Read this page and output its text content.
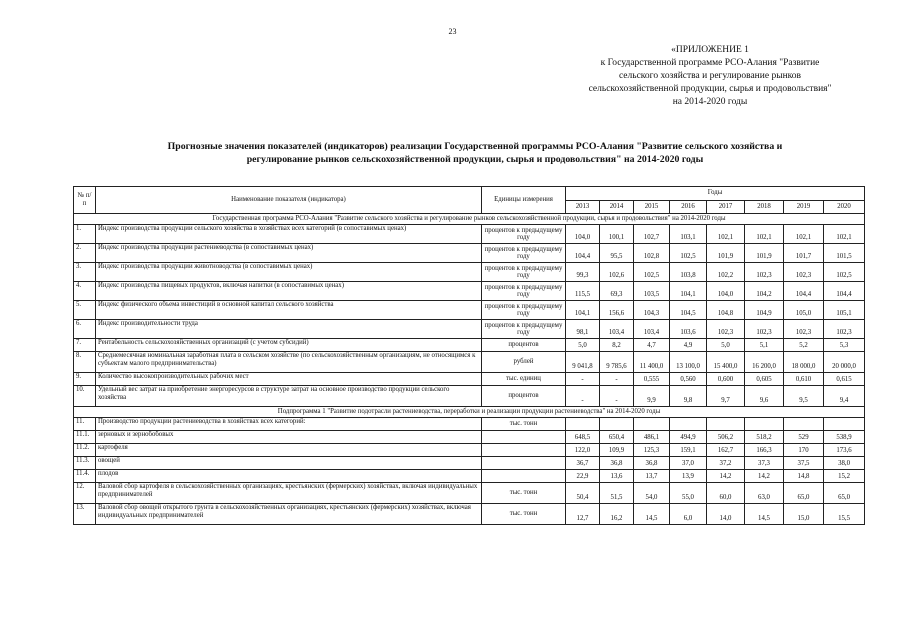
23
«ПРИЛОЖЕНИЕ 1
к Государственной программе РСО-Алания "Развитие
сельского хозяйства и регулирование рынков
сельскохозяйственной продукции, сырья и продовольствия"
на 2014-2020 годы
Прогнозные значения показателей (индикаторов) реализации Государственной программы РСО-Алания "Развитие сельского хозяйства и
регулирование рынков сельскохозяйственной продукции, сырья и продовольствия" на 2014-2020 годы
№ п/п	Наименование показателя (индикатора)	Единицы измерения	Годы							
			2013	2014	2015	2016	2017	2018	2019	2020
Государственная программа РСО-Алания "Развитие сельского хозяйства и регулирование рынков сельскохозяйственной продукции, сырья и продовольствия" на 2014-2020 годы										
1.	Индекс производства продукции сельского хозяйства в хозяйствах всех категорий (в сопоставимых ценах)	процентов к предыдущему году	104,0	100,1	102,7	103,1	102,1	102,1	102,1	102,1
2.	Индекс производства продукции растениеводства (в сопоставимых ценах)	процентов к предыдущему году	104,4	95,5	102,8	102,5	101,9	101,9	101,7	101,5
3.	Индекс производства продукции животноводства (в сопоставимых ценах)	процентов к предыдущему году	99,3	102,6	102,5	103,8	102,2	102,3	102,3	102,5
4.	Индекс производства пищевых продуктов, включая напитки (в сопоставимых ценах)	процентов к предыдущему году	115,5	69,3	103,5	104,1	104,0	104,2	104,4	104,4
5.	Индекс физического объема инвестиций в основной капитал сельского хозяйства	процентов к предыдущему году	104,1	156,6	104,3	104,5	104,8	104,9	105,0	105,1
6.	Индекс производительности труда	процентов к предыдущему году	98,1	103,4	103,4	103,6	102,3	102,3	102,3	102,3
7.	Рентабельность сельскохозяйственных организаций (с учетом субсидий)	процентов	5,0	8,2	4,7	4,9	5,0	5,1	5,2	5,3
8.	Среднемесячная номинальная заработная плата в сельском хозяйстве (по сельскохозяйственным организациям, не относящимся к субъектам малого предпринимательства)	рублей	9 041,8	9 785,6	11 400,0	13 100,0	15 400,0	16 200,0	18 000,0	20 000,0
9.	Количество высокопроизводительных рабочих мест	тыс. единиц	-	-	0,555	0,560	0,600	0,605	0,610	0,615
10.	Удельный вес затрат на приобретение энергоресурсов в структуре затрат на основное производство продукции сельского хозяйства	процентов	-	-	9,9	9,8	9,7	9,6	9,5	9,4
Подпрограмма 1 "Развитие подотрасли растениеводства, переработки и реализации продукции растениеводства" на 2014-2020 годы										
11.	Производство продукции растениеводства в хозяйствах всех категорий:	тыс. тонн								
11.1.	зерновых и зернобобовых		648,5	650,4	486,1	494,9	506,2	518,2	529	538,9
11.2.	картофеля		122,0	109,9	125,3	159,1	162,7	166,3	170	173,6
11.3.	овощей		36,7	36,8	36,8	37,0	37,2	37,3	37,5	38,0
11.4.	плодов		22,9	13,6	13,7	13,9	14,2	14,2	14,8	15,2
12.	Валовой сбор картофеля в сельскохозяйственных организациях, крестьянских (фермерских) хозяйствах, включая индивидуальных предпринимателей	тыс. тонн	50,4	51,5	54,0	55,0	60,0	63,0	65,0	65,0
13.	Валовой сбор овощей открытого грунта в сельскохозяйственных организациях, крестьянских (фермерских) хозяйствах, включая индивидуальных предпринимателей	тыс. тонн	12,7	16,2	14,5	6,0	14,0	14,5	15,0	15,5
